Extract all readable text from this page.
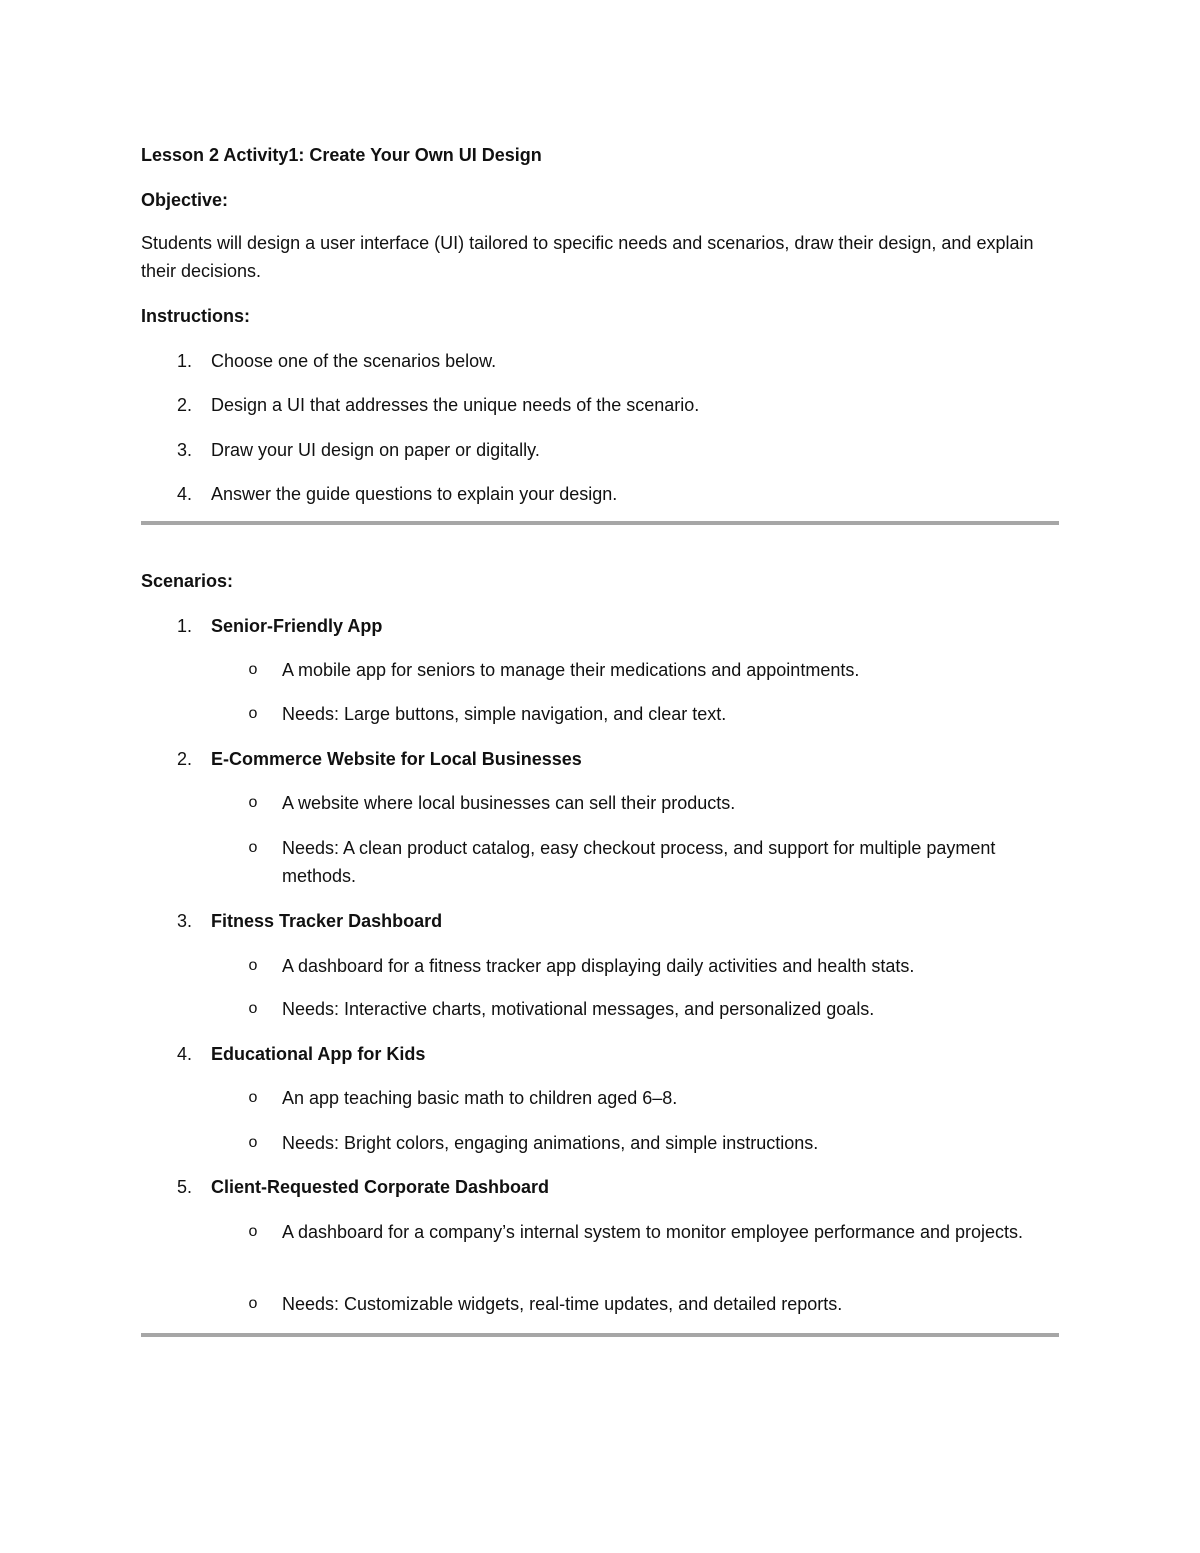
Lesson 2 Activity1: Create Your Own UI Design
Objective:
Students will design a user interface (UI) tailored to specific needs and scenarios, draw their design, and explain their decisions.
Instructions:
1. Choose one of the scenarios below.
2. Design a UI that addresses the unique needs of the scenario.
3. Draw your UI design on paper or digitally.
4. Answer the guide questions to explain your design.
Scenarios:
1. Senior-Friendly App
o A mobile app for seniors to manage their medications and appointments.
o Needs: Large buttons, simple navigation, and clear text.
2. E-Commerce Website for Local Businesses
o A website where local businesses can sell their products.
o Needs: A clean product catalog, easy checkout process, and support for multiple payment methods.
3. Fitness Tracker Dashboard
o A dashboard for a fitness tracker app displaying daily activities and health stats.
o Needs: Interactive charts, motivational messages, and personalized goals.
4. Educational App for Kids
o An app teaching basic math to children aged 6–8.
o Needs: Bright colors, engaging animations, and simple instructions.
5. Client-Requested Corporate Dashboard
o A dashboard for a company’s internal system to monitor employee performance and projects.
o Needs: Customizable widgets, real-time updates, and detailed reports.
